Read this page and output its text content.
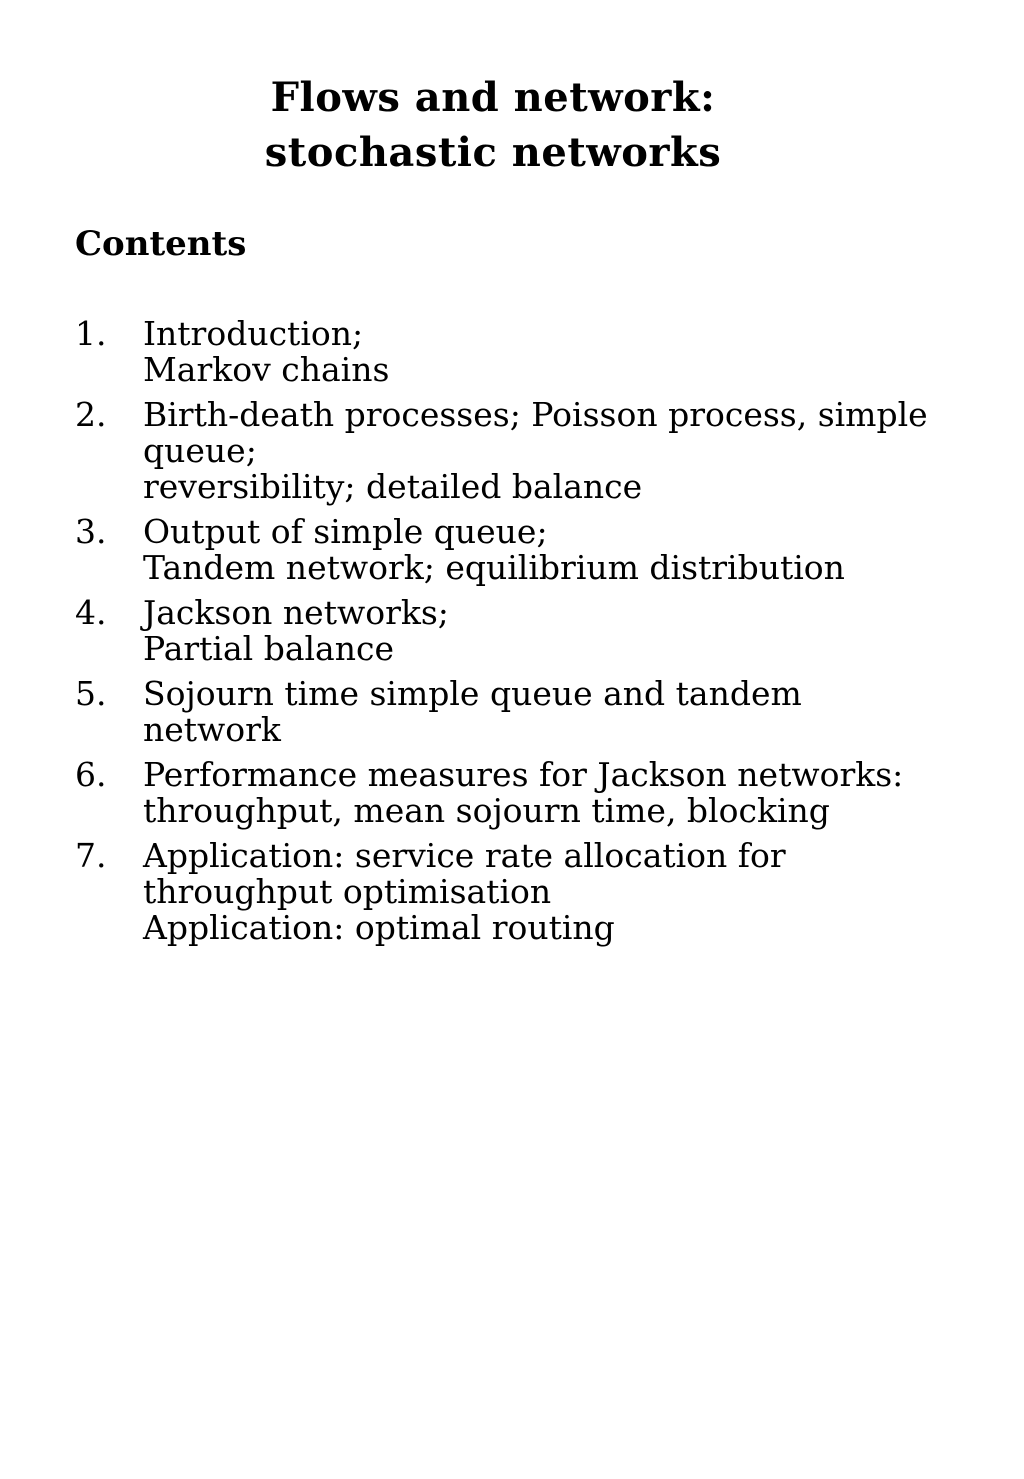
Flows and network:
stochastic networks
Contents
1.	Introduction;
Markov chains
2.	Birth-death processes; Poisson process, simple
queue;
reversibility; detailed balance
3.	Output of simple queue;
Tandem network; equilibrium distribution
4.	Jackson networks;
Partial balance
5.	Sojourn time simple queue and tandem
network
6.	Performance measures for Jackson networks:
throughput, mean sojourn time, blocking
7.	Application: service rate allocation for
throughput optimisation
Application: optimal routing
